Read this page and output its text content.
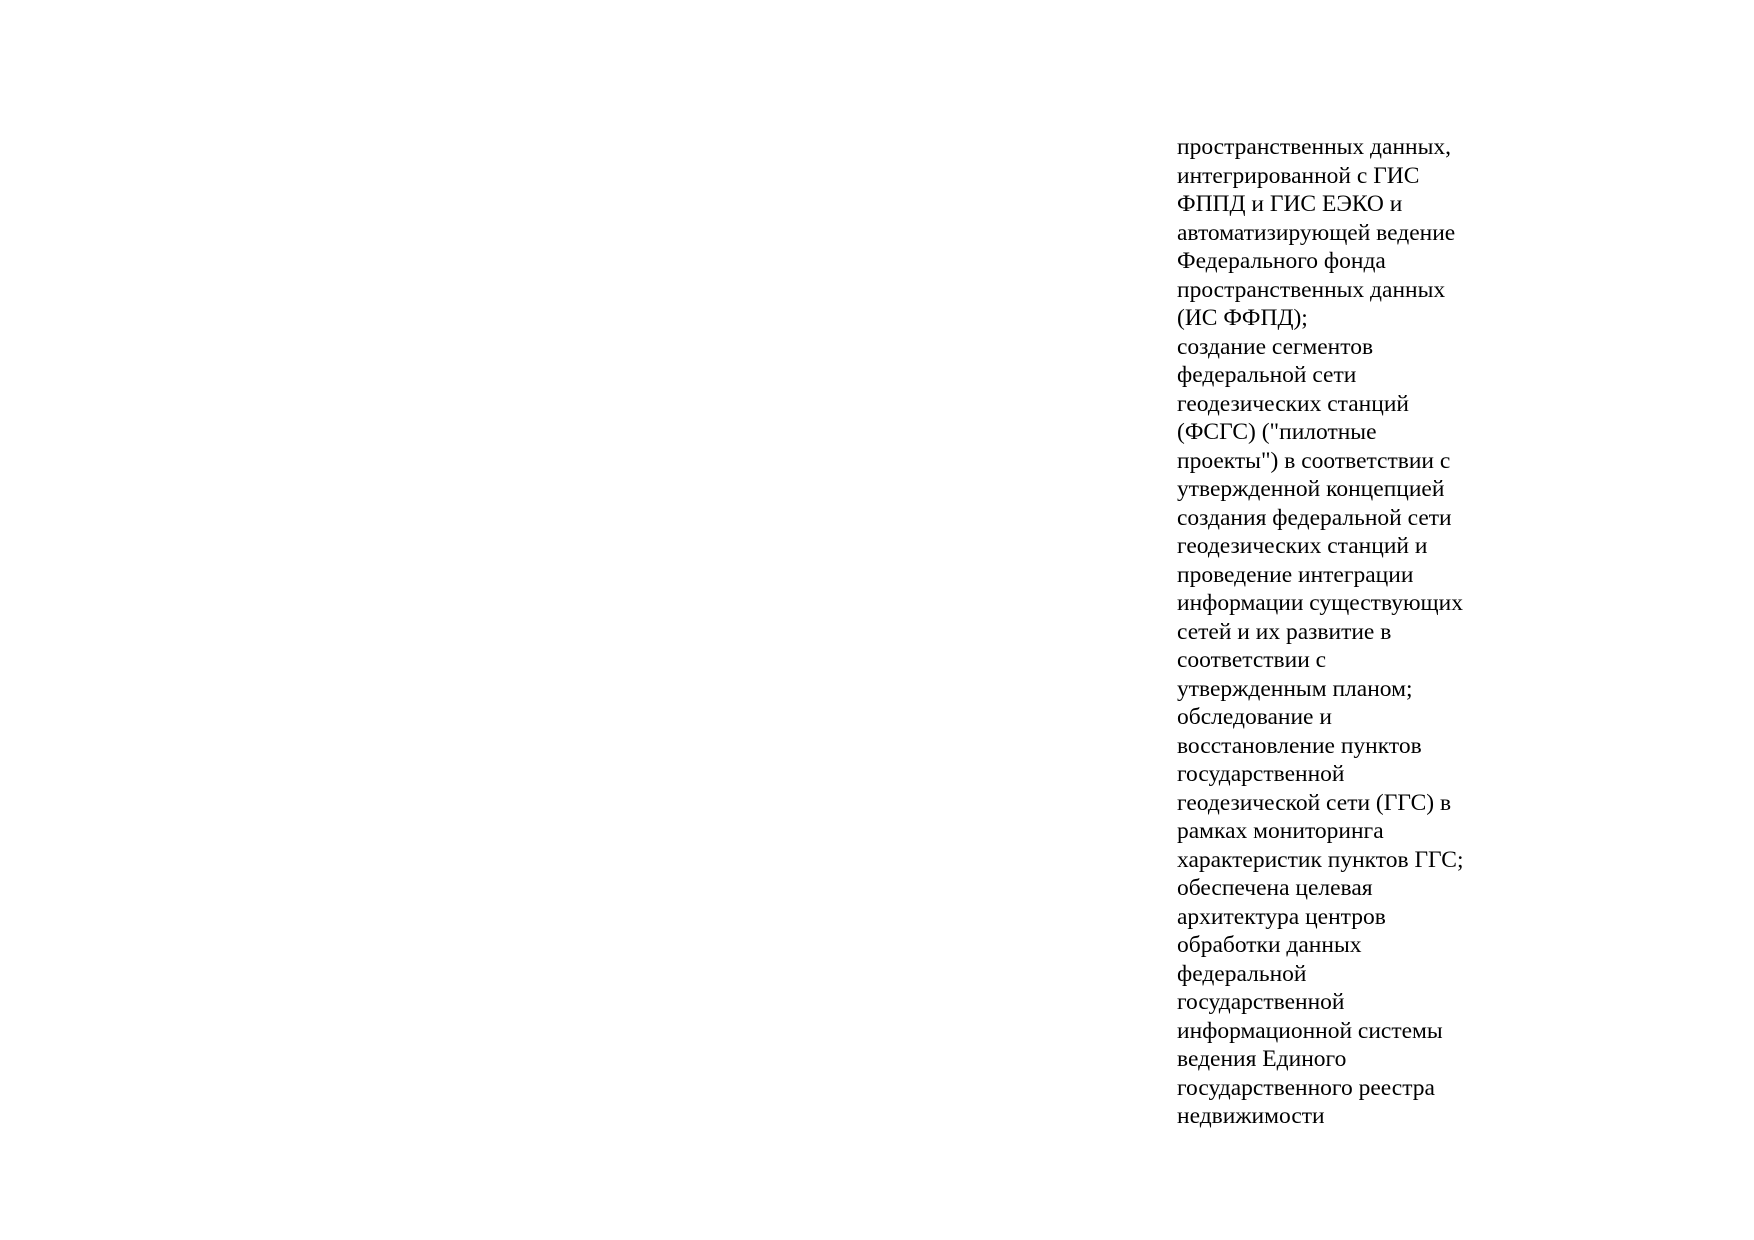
пространственных данных,
интегрированной с ГИС
ФППД и ГИС ЕЭКО и
автоматизирующей ведение
Федерального фонда
пространственных данных
(ИС ФФПД);
создание сегментов
федеральной сети
геодезических станций
(ФСГС) ("пилотные
проекты") в соответствии с
утвержденной концепцией
создания федеральной сети
геодезических станций и
проведение интеграции
информации существующих
сетей и их развитие в
соответствии с
утвержденным планом;
обследование и
восстановление пунктов
государственной
геодезической сети (ГГС) в
рамках мониторинга
характеристик пунктов ГГС;
обеспечена целевая
архитектура центров
обработки данных
федеральной
государственной
информационной системы
ведения Единого
государственного реестра
недвижимости
